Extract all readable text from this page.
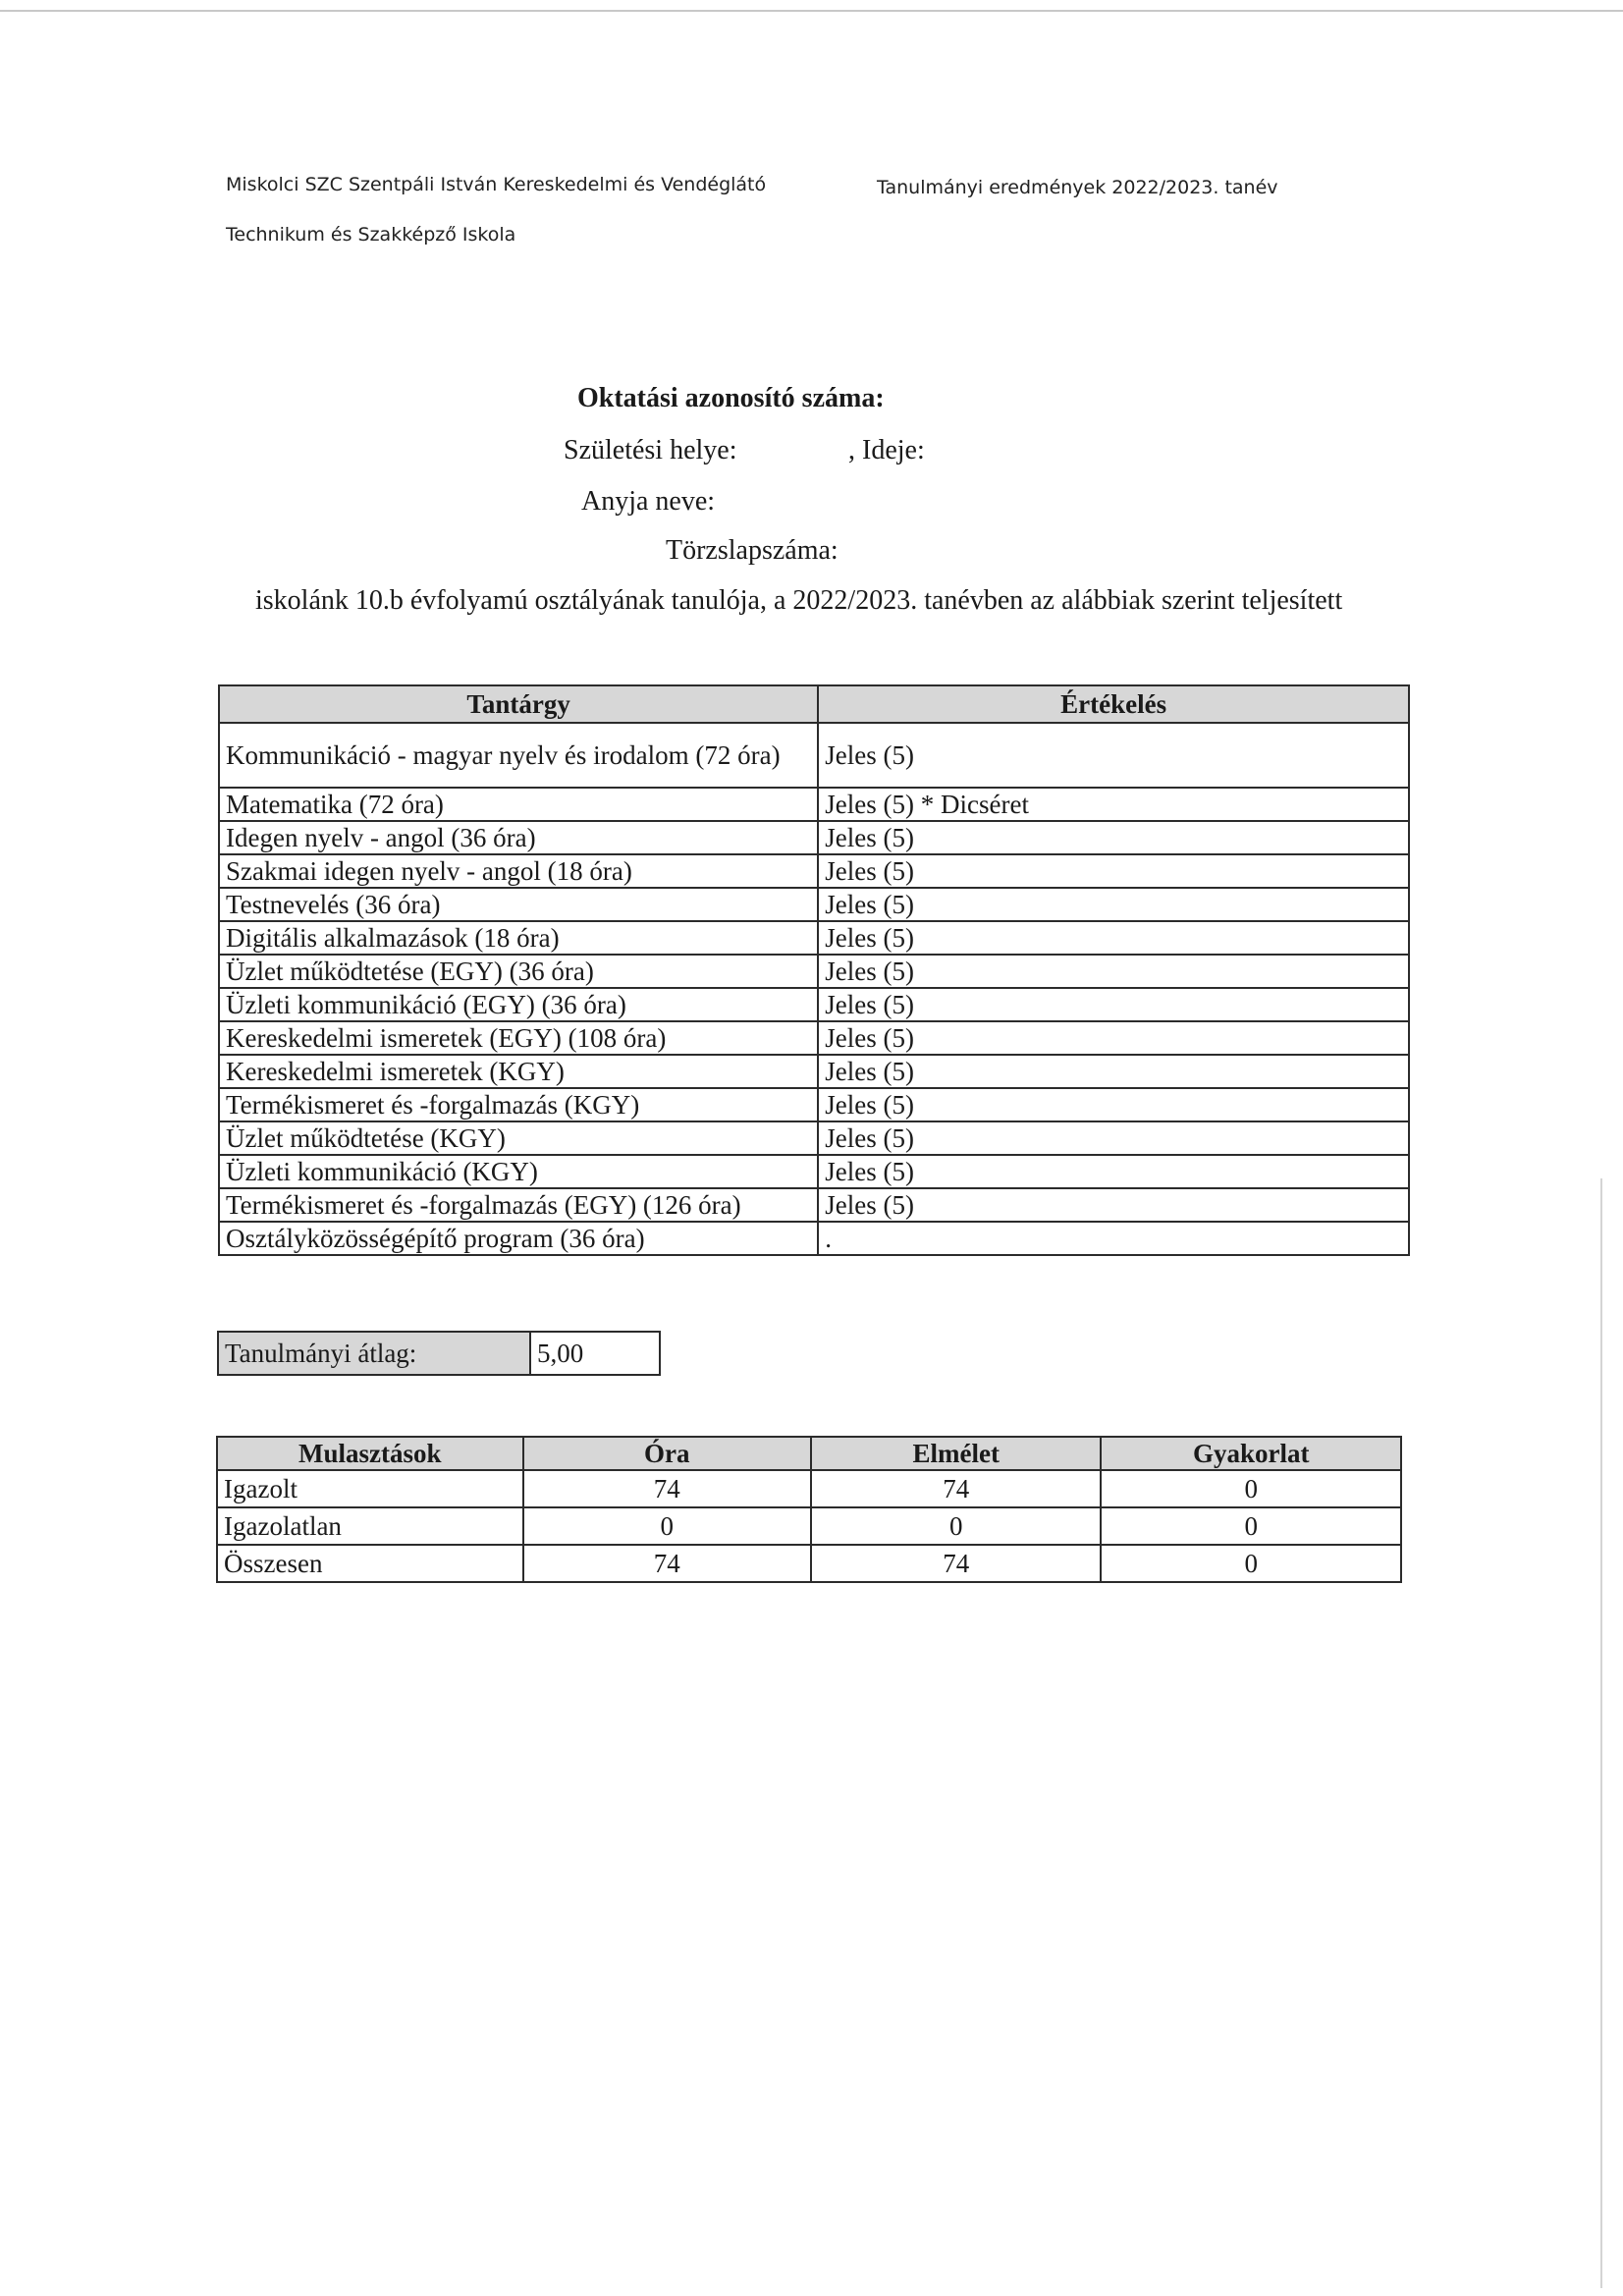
Miskolci SZC Szentpáli István Kereskedelmi és Vendéglátó
Technikum és Szakképző Iskola
Tanulmányi eredmények 2022/2023. tanév
Oktatási azonosító száma:
Születési helye:	, Ideje:
Anyja neve:
Törzslapszáma:
iskolánk 10.b évfolyamú osztályának tanulója, a 2022/2023. tanévben az alábbiak szerint teljesített
Tantárgy	Értékelés
Kommunikáció - magyar nyelv és irodalom (72 óra)	Jeles (5)
Matematika (72 óra)	Jeles (5) * Dicséret
Idegen nyelv - angol (36 óra)	Jeles (5)
Szakmai idegen nyelv - angol (18 óra)	Jeles (5)
Testnevelés (36 óra)	Jeles (5)
Digitális alkalmazások (18 óra)	Jeles (5)
Üzlet működtetése (EGY) (36 óra)	Jeles (5)
Üzleti kommunikáció (EGY) (36 óra)	Jeles (5)
Kereskedelmi ismeretek (EGY) (108 óra)	Jeles (5)
Kereskedelmi ismeretek (KGY)	Jeles (5)
Termékismeret és -forgalmazás (KGY)	Jeles (5)
Üzlet működtetése (KGY)	Jeles (5)
Üzleti kommunikáció (KGY)	Jeles (5)
Termékismeret és -forgalmazás (EGY) (126 óra)	Jeles (5)
Osztályközösségépítő program (36 óra)	.
Tanulmányi átlag:	5,00
Mulasztások	Óra	Elmélet	Gyakorlat
Igazolt	74	74	0
Igazolatlan	0	0	0
Összesen	74	74	0
